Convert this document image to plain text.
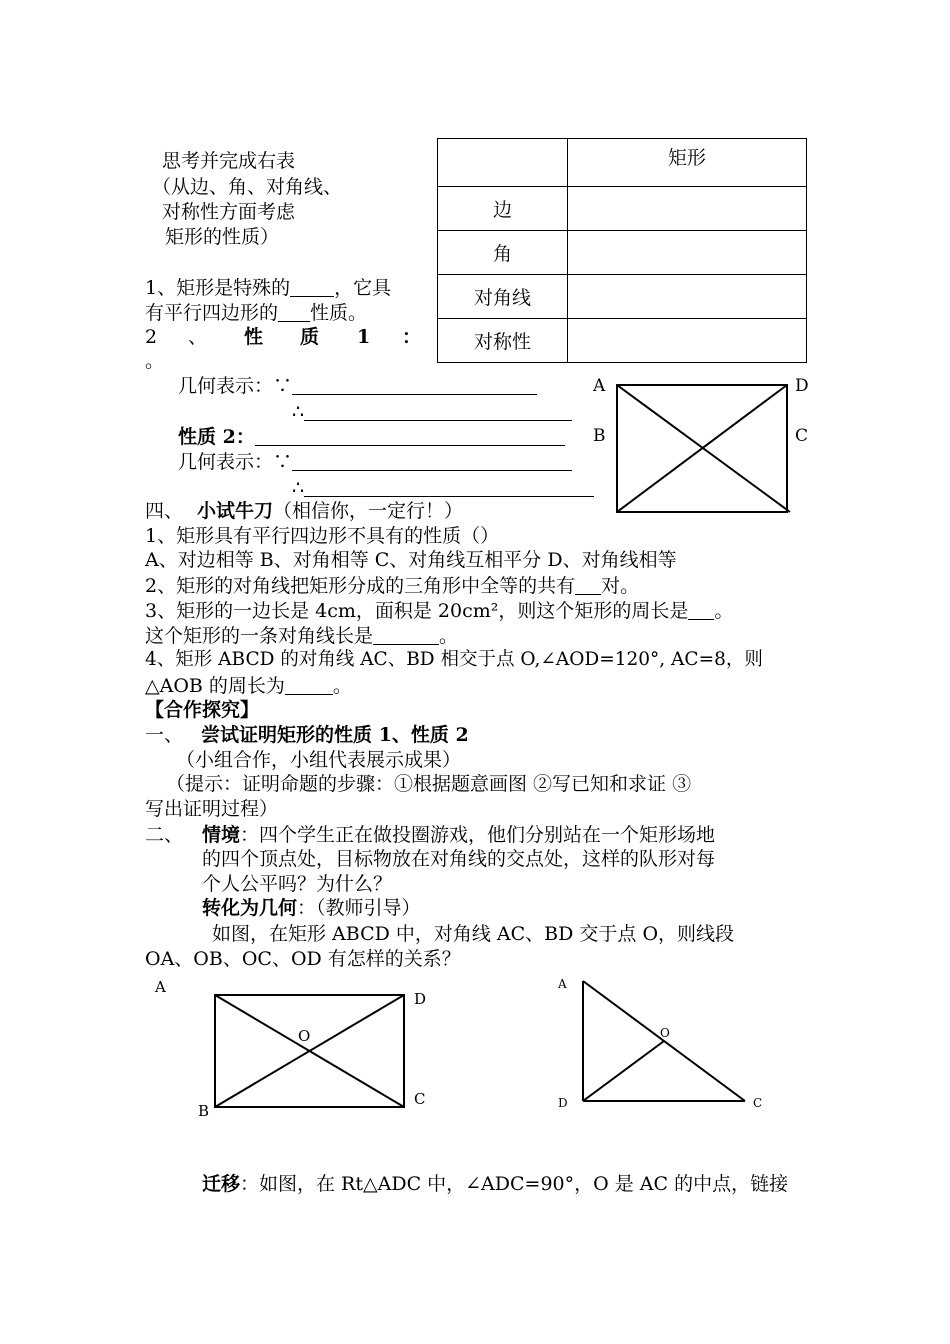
	矩形
边	
角	
对角线	
对称性	
思考并完成右表
（从边、角、对角线、
对称性方面考虑
矩形的性质）
1、矩形是特殊的 ，它具
有平行四边形的 性质。
2 、 性 质 1 ：
。
几何表示：∵
∴
性质 2：
几何表示：∵
∴
A	D
B	C
四、 小试牛刀（相信你，一定行！）
1、矩形具有平行四边形不具有的性质（）
A、对边相等 B、对角相等 C、对角线互相平分 D、对角线相等
2、矩形的对角线把矩形分成的三角形中全等的共有 对。
3、矩形的一边长是 4cm，面积是 20cm²，则这个矩形的周长是 。
这个矩形的一条对角线长是	。
4、矩形 ABCD 的对角线 AC、BD 相交于点 O,∠AOD=120°, AC=8，则
△AOB 的周长为	。
【合作探究】
一、 尝试证明矩形的性质 1、性质 2
（小组合作，小组代表展示成果）
（提示：证明命题的步骤：①根据题意画图 ②写已知和求证 ③
写出证明过程）
二、 情境：四个学生正在做投圈游戏，他们分别站在一个矩形场地
的四个顶点处，目标物放在对角线的交点处，这样的队形对每
个人公平吗？为什么？
转化为几何：（教师引导）
如图，在矩形 ABCD 中，对角线 AC、BD 交于点 O，则线段
OA、OB、OC、OD 有怎样的关系？
A
D
O
B
C
A
O
D	C
迁移：如图，在 Rt△ADC 中，∠ADC=90°，O 是 AC 的中点，链接
